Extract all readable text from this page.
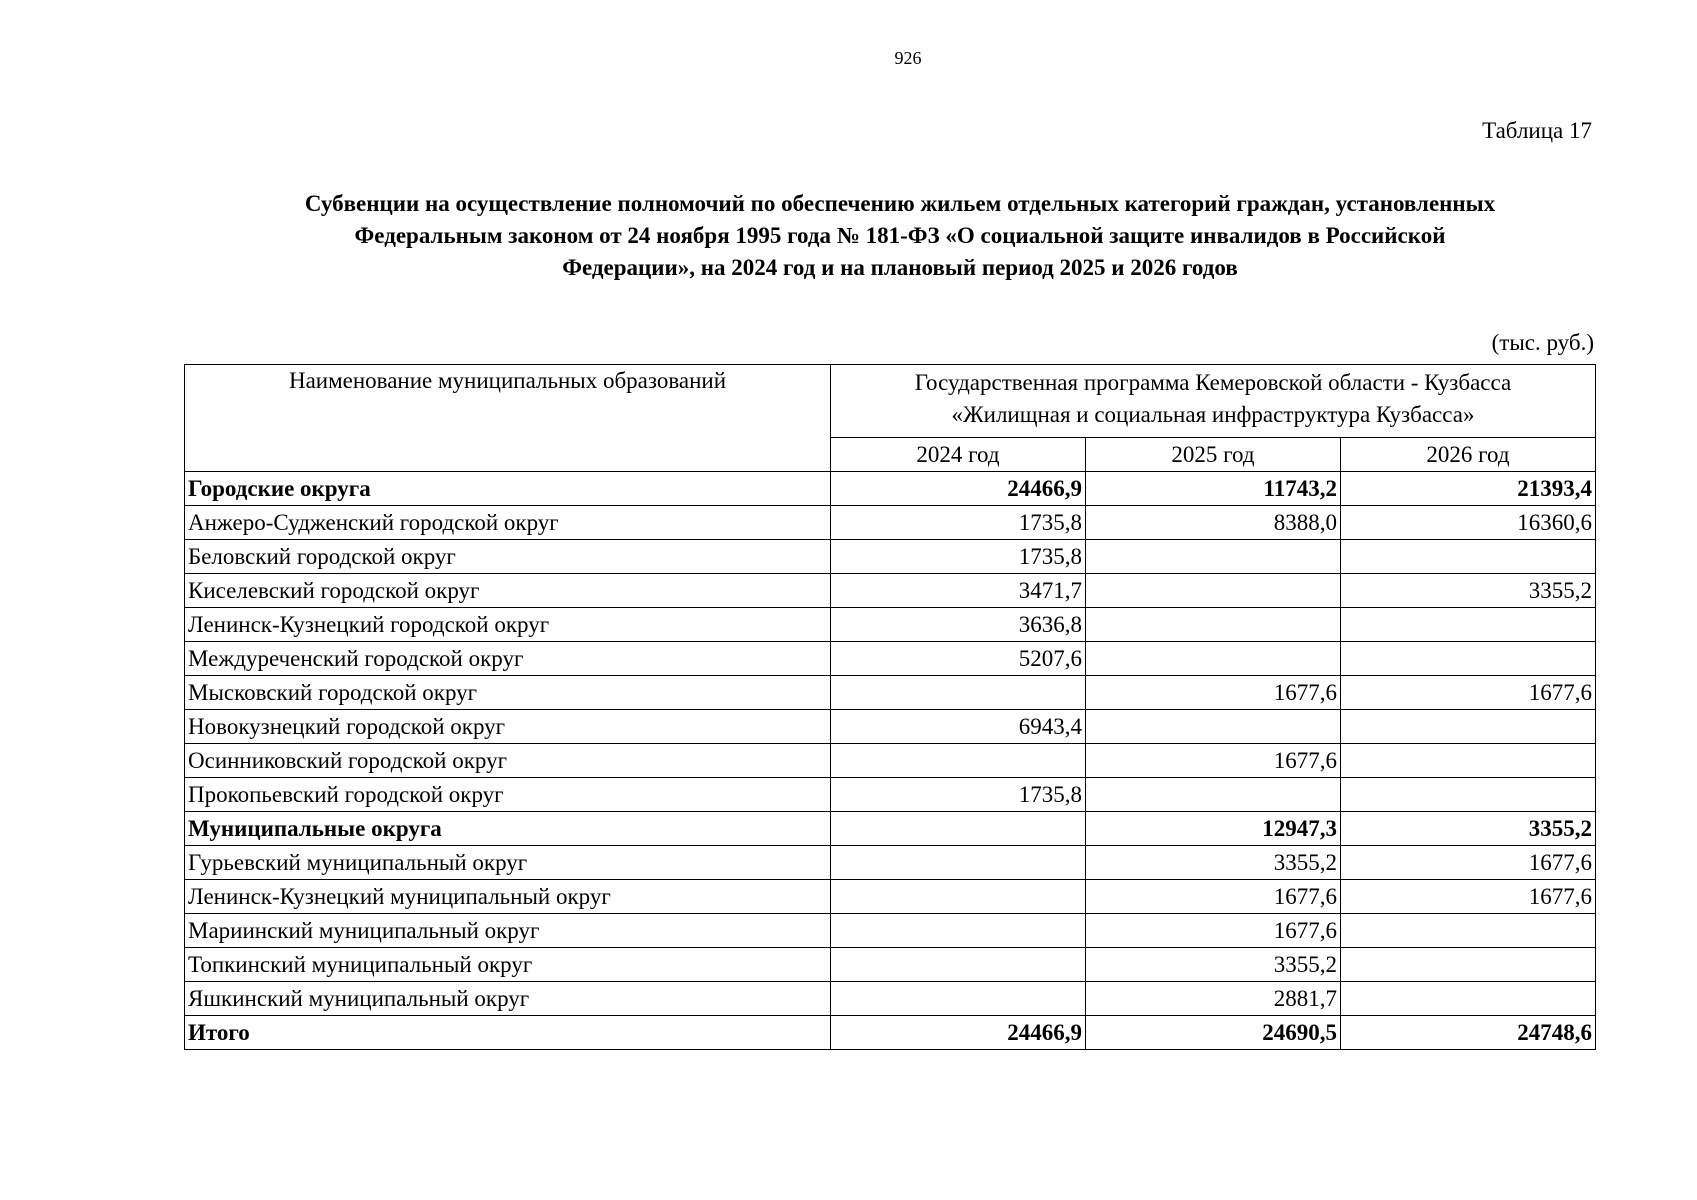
926
Таблица 17
Субвенции на осуществление полномочий по обеспечению жильем отдельных категорий граждан, установленных
Федеральным законом от 24 ноября 1995 года № 181-ФЗ «О социальной защите инвалидов в Российской
Федерации», на 2024 год и на плановый период 2025 и 2026 годов
(тыс. руб.)
Наименование муниципальных образований	Государственная программа Кемеровской области - Кузбасса
«Жилищная и социальная инфраструктура Кузбасса»		

	2024 год	2025 год	2026 год
Городские округа	24466,9	11743,2	21393,4
Анжеро-Судженский городской округ	1735,8	8388,0	16360,6
Беловский городской округ	1735,8		
Киселевский городской округ	3471,7		3355,2
Ленинск-Кузнецкий городской округ	3636,8		
Междуреченский городской округ	5207,6		
Мысковский городской округ		1677,6	1677,6
Новокузнецкий городской округ	6943,4		
Осинниковский городской округ		1677,6	
Прокопьевский городской округ	1735,8		
Муниципальные округа		12947,3	3355,2
Гурьевский муниципальный округ		3355,2	1677,6
Ленинск-Кузнецкий муниципальный округ		1677,6	1677,6
Мариинский муниципальный округ		1677,6	
Топкинский муниципальный округ		3355,2	
Яшкинский муниципальный округ		2881,7	
Итого	24466,9	24690,5	24748,6
